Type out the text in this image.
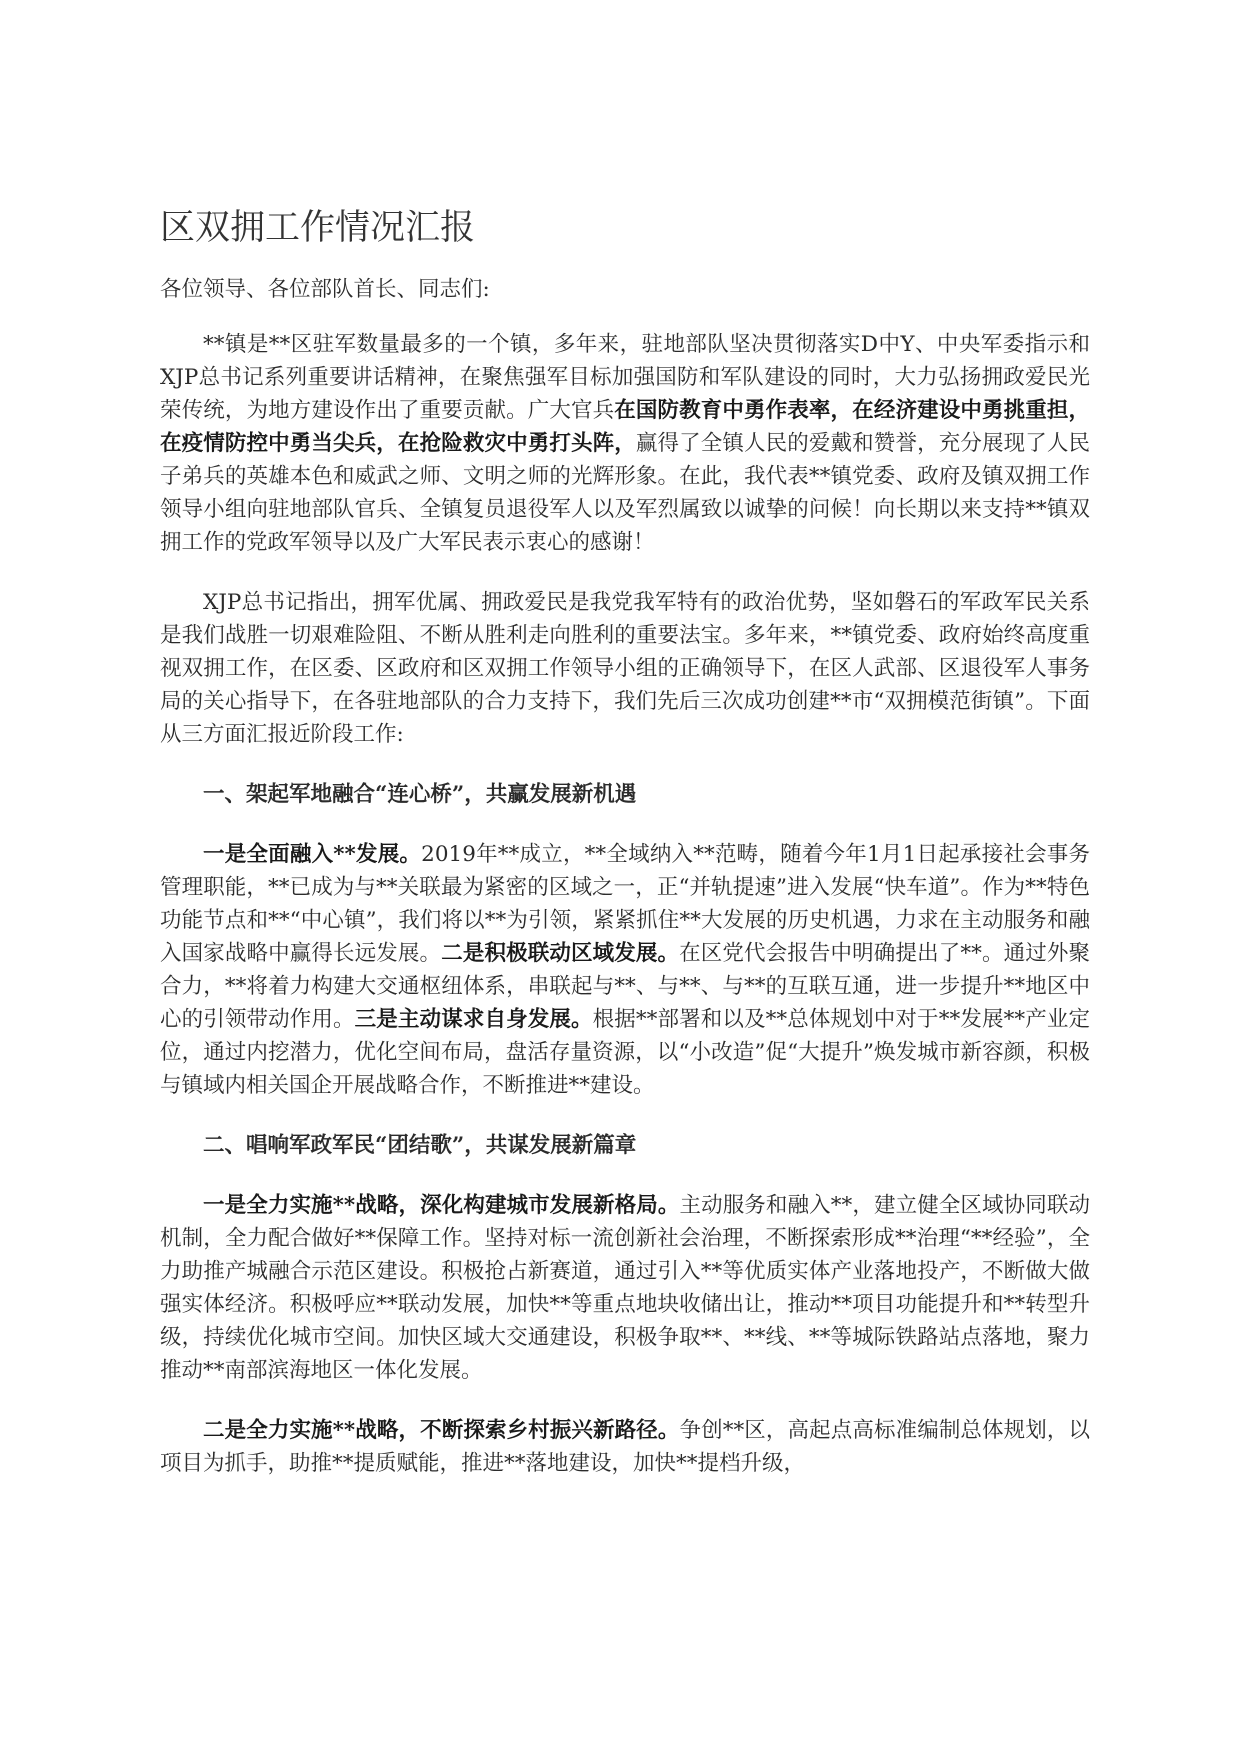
区双拥工作情况汇报

各位领导、各位部队首长、同志们:

**镇是**区驻军数量最多的一个镇，多年来，驻地部队坚决贯彻落实D中Y、中央军委指示和XJP总书记系列重要讲话精神，在聚焦强军目标加强国防和军队建设的同时，大力弘扬拥政爱民光荣传统，为地方建设作出了重要贡献。广大官兵在国防教育中勇作表率，在经济建设中勇挑重担，在疫情防控中勇当尖兵，在抢险救灾中勇打头阵，赢得了全镇人民的爱戴和赞誉，充分展现了人民子弟兵的英雄本色和威武之师、文明之师的光辉形象。在此，我代表**镇党委、政府及镇双拥工作领导小组向驻地部队官兵、全镇复员退役军人以及军烈属致以诚挚的问候！向长期以来支持**镇双拥工作的党政军领导以及广大军民表示衷心的感谢！

XJP总书记指出，拥军优属、拥政爱民是我党我军特有的政治优势，坚如磐石的军政军民关系是我们战胜一切艰难险阻、不断从胜利走向胜利的重要法宝。多年来，**镇党委、政府始终高度重视双拥工作，在区委、区政府和区双拥工作领导小组的正确领导下，在区人武部、区退役军人事务局的关心指导下，在各驻地部队的合力支持下，我们先后三次成功创建**市“双拥模范街镇”。下面从三方面汇报近阶段工作:

一、架起军地融合“连心桥”，共赢发展新机遇

一是全面融入**发展。2019年**成立，**全域纳入**范畴，随着今年1月1日起承接社会事务管理职能，**已成为与**关联最为紧密的区域之一，正“并轨提速”进入发展“快车道”。作为**特色功能节点和**“中心镇”，我们将以**为引领，紧紧抓住**大发展的历史机遇，力求在主动服务和融入国家战略中赢得长远发展。二是积极联动区域发展。在区党代会报告中明确提出了**。通过外聚合力，**将着力构建大交通枢纽体系，串联起与**、与**、与**的互联互通，进一步提升**地区中心的引领带动作用。三是主动谋求自身发展。根据**部署和以及**总体规划中对于**发展**产业定位，通过内挖潜力，优化空间布局，盘活存量资源，以“小改造”促“大提升”焕发城市新容颜，积极与镇域内相关国企开展战略合作，不断推进**建设。

二、唱响军政军民“团结歌”，共谋发展新篇章

一是全力实施**战略，深化构建城市发展新格局。主动服务和融入**，建立健全区域协同联动机制，全力配合做好**保障工作。坚持对标一流创新社会治理，不断探索形成**治理“**经验”，全力助推产城融合示范区建设。积极抢占新赛道，通过引入**等优质实体产业落地投产，不断做大做强实体经济。积极呼应**联动发展，加快**等重点地块收储出让，推动**项目功能提升和**转型升级，持续优化城市空间。加快区域大交通建设，积极争取**、**线、**等城际铁路站点落地，聚力推动**南部滨海地区一体化发展。

二是全力实施**战略，不断探索乡村振兴新路径。争创**区，高起点高标准编制总体规划，以项目为抓手，助推**提质赋能，推进**落地建设，加快**提档升级，
